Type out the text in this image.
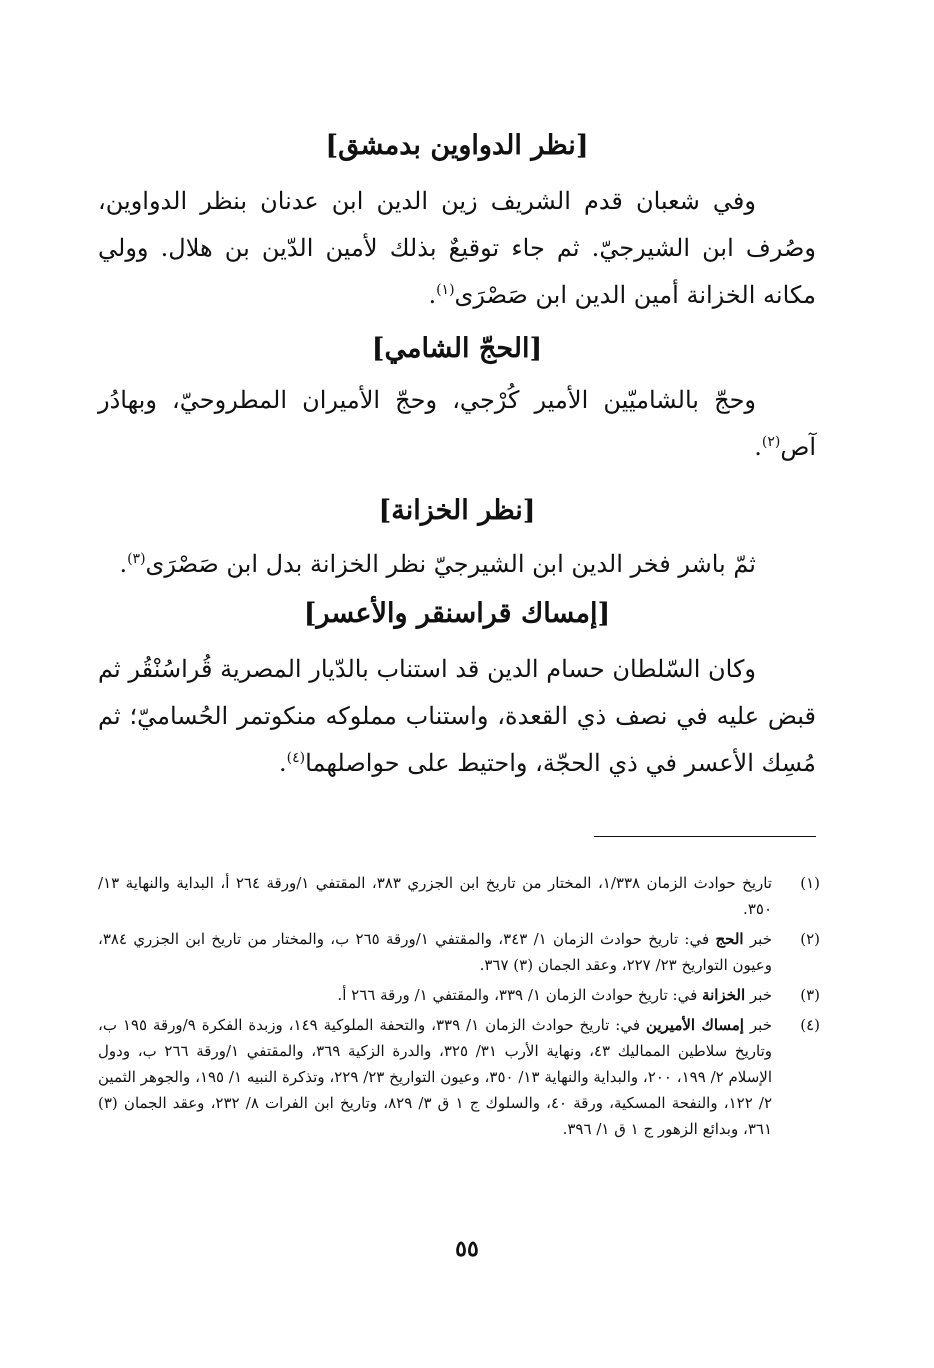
[نظر الدواوين بدمشق]

وفي شعبان قدم الشريف زين الدين ابن عدنان بنظر الدواوين، وصُرف ابن الشيرجيّ. ثم جاء توقيعٌ بذلك لأمين الدّين بن هلال. وولي مكانه الخزانة أمين الدين ابن صَصْرَى$^{(١)}$.

[الحجّ الشامي]

وحجّ بالشاميّين الأمير كُرْجي، وحجّ الأميران المطروحيّ، وبهادُر آص$^{(٢)}$.

[نظر الخزانة]

ثمّ باشر فخر الدين ابن الشيرجيّ نظر الخزانة بدل ابن صَصْرَى$^{(٣)}$.

[إمساك قراسنقر والأعسر]

وكان السّلطان حسام الدين قد استناب بالدّيار المصرية قُراسُنْقُر ثم قبض عليه في نصف ذي القعدة، واستناب مملوكه منكوتمر الحُساميّ؛ ثم مُسِك الأعسر في ذي الحجّة، واحتيط على حواصلهما$^{(٤)}$.

(١)
تاريخ حوادث الزمان ١/٣٣٨، المختار من تاريخ ابن الجزري ٣٨٣، المقتفي ١/ورقة ٢٦٤ أ، البداية والنهاية ١٣/ ٣٥٠.
(٢)
خبر الحج في: تاريخ حوادث الزمان ١/ ٣٤٣، والمقتفي ١/ورقة ٢٦٥ ب، والمختار من تاريخ ابن الجزري ٣٨٤، وعيون التواريخ ٢٣/ ٢٢٧، وعقد الجمان (٣) ٣٦٧.
(٣)
خبر الخزانة في: تاريخ حوادث الزمان ١/ ٣٣٩، والمقتفي ١/ ورقة ٢٦٦ أ.
(٤)
خبر إمساك الأميرين في: تاريخ حوادث الزمان ١/ ٣٣٩، والتحفة الملوكية ١٤٩، وزبدة الفكرة ٩/ورقة ١٩٥ ب، وتاريخ سلاطين المماليك ٤٣، ونهاية الأرب ٣١/ ٣٢٥، والدرة الزكية ٣٦٩، والمقتفي ١/ورقة ٢٦٦ ب، ودول الإسلام ٢/ ١٩٩، ٢٠٠، والبداية والنهاية ١٣/ ٣٥٠، وعيون التواريخ ٢٣/ ٢٢٩، وتذكرة النبيه ١/ ١٩٥، والجوهر الثمين ٢/ ١٢٢، والنفحة المسكية، ورقة ٤٠، والسلوك ج ١ ق ٣/ ٨٢٩، وتاريخ ابن الفرات ٨/ ٢٣٢، وعقد الجمان (٣) ٣٦١، وبدائع الزهور ج ١ ق ١/ ٣٩٦.
٥٥
